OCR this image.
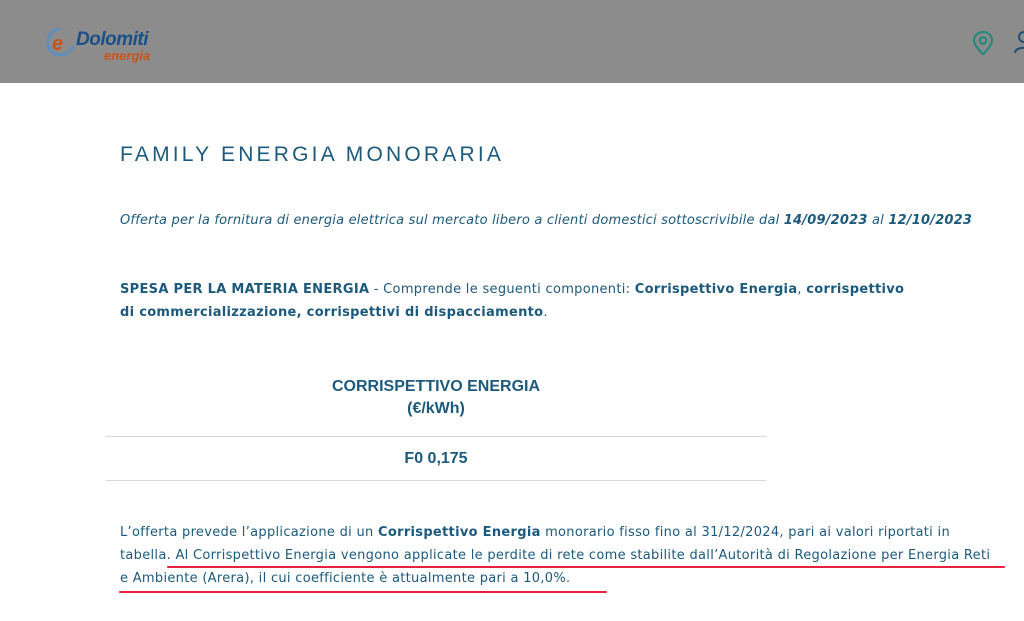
e Dolomiti
energia
FAMILY ENERGIA MONORARIA
Offerta per la fornitura di energia elettrica sul mercato libero a clienti domestici sottoscrivibile dal 14/09/2023 al 12/10/2023
SPESA PER LA MATERIA ENERGIA - Comprende le seguenti componenti: Corrispettivo Energia, corrispettivo di commercializzazione, corrispettivi di dispacciamento.
CORRISPETTIVO ENERGIA
(€/kWh)
F0 0,175
L’offerta prevede l’applicazione di un Corrispettivo Energia monorario fisso fino al 31/12/2024, pari ai valori riportati in tabella. Al Corrispettivo Energia vengono applicate le perdite di rete come stabilite dall’Autorità di Regolazione per Energia Reti e Ambiente (Arera), il cui coefficiente è attualmente pari a 10,0%.
